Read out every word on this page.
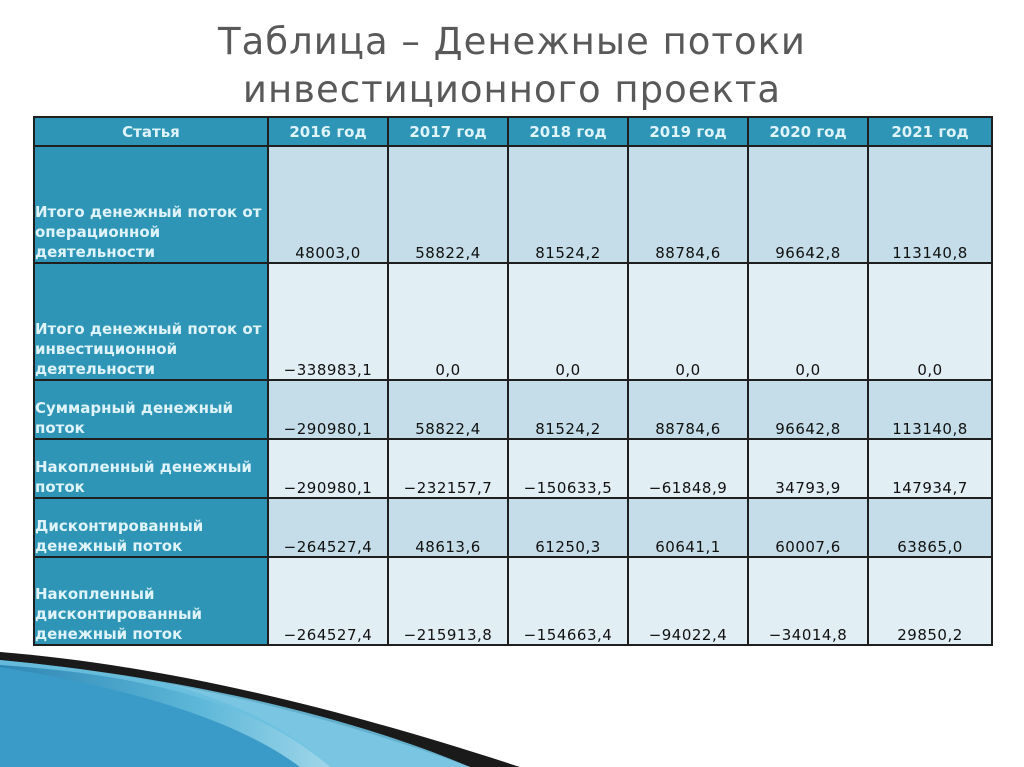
Таблица – Денежные потоки
инвестиционного проекта
Статья	2016 год	2017 год	2018 год	2019 год	2020 год	2021 год
Итого денежный поток от операционной деятельности	48003,0	58822,4	81524,2	88784,6	96642,8	113140,8
Итого денежный поток от инвестиционной деятельности	−338983,1	0,0	0,0	0,0	0,0	0,0
Суммарный денежный поток	−290980,1	58822,4	81524,2	88784,6	96642,8	113140,8
Накопленный денежный поток	−290980,1	−232157,7	−150633,5	−61848,9	34793,9	147934,7
Дисконтированный денежный поток	−264527,4	48613,6	61250,3	60641,1	60007,6	63865,0
Накопленный дисконтированный денежный поток	−264527,4	−215913,8	−154663,4	−94022,4	−34014,8	29850,2
